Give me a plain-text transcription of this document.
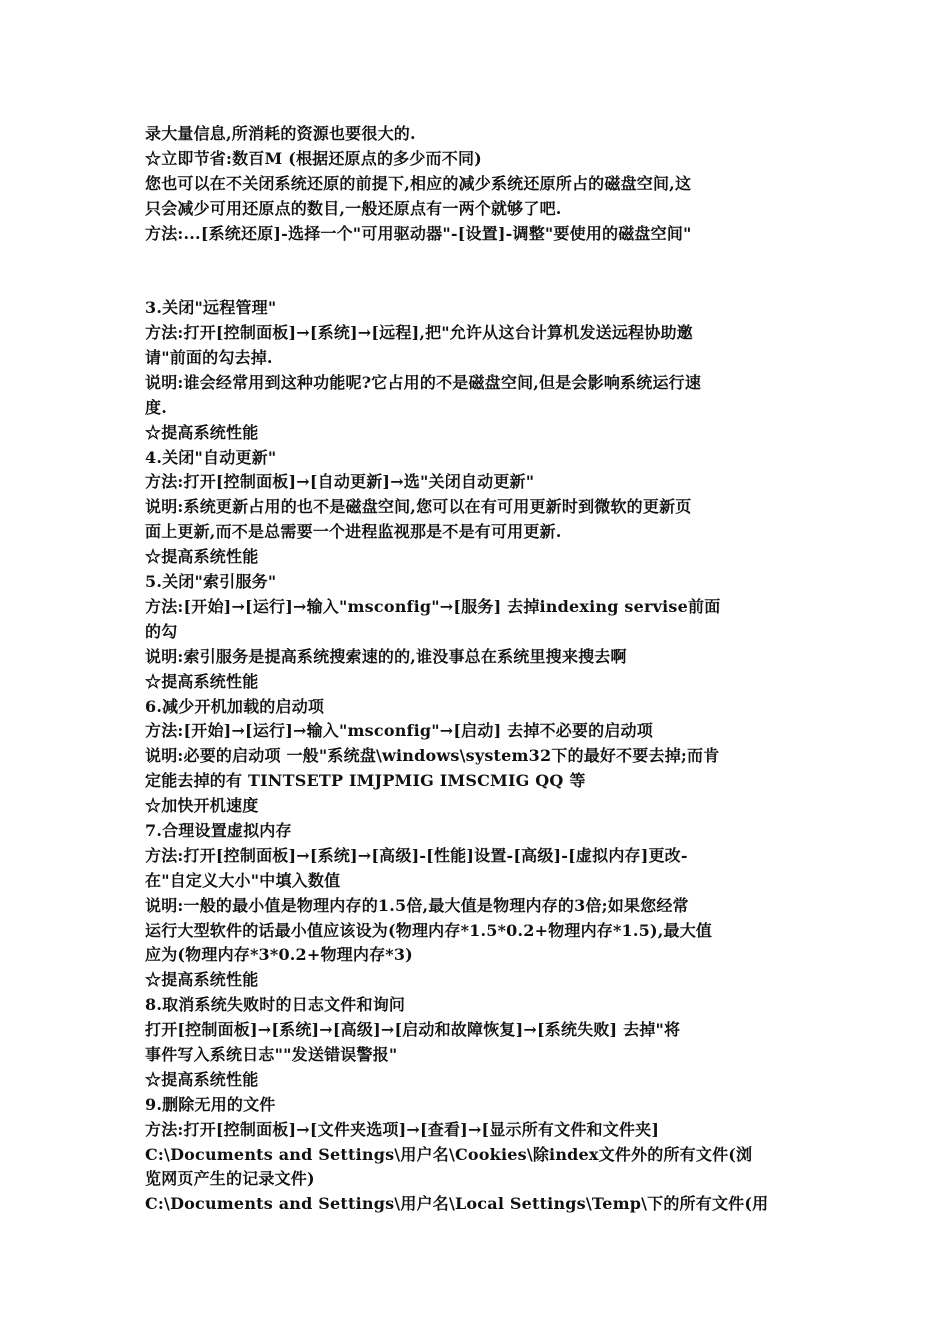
录大量信息,所消耗的资源也要很大的.
☆立即节省:数百M (根据还原点的多少而不同)
您也可以在不关闭系统还原的前提下,相应的减少系统还原所占的磁盘空间,这
只会减少可用还原点的数目,一般还原点有一两个就够了吧.
方法:...[系统还原]-选择一个"可用驱动器"-[设置]-调整"要使用的磁盘空间"
3.关闭"远程管理"
方法:打开[控制面板]→[系统]→[远程],把"允许从这台计算机发送远程协助邀
请"前面的勾去掉.
说明:谁会经常用到这种功能呢?它占用的不是磁盘空间,但是会影响系统运行速
度.
☆提高系统性能
4.关闭"自动更新"
方法:打开[控制面板]→[自动更新]→选"关闭自动更新"
说明:系统更新占用的也不是磁盘空间,您可以在有可用更新时到微软的更新页
面上更新,而不是总需要一个进程监视那是不是有可用更新.
☆提高系统性能
5.关闭"索引服务"
方法:[开始]→[运行]→输入"msconfig"→[服务] 去掉indexing servise前面
的勾
说明:索引服务是提高系统搜索速的的,谁没事总在系统里搜来搜去啊
☆提高系统性能
6.减少开机加载的启动项
方法:[开始]→[运行]→输入"msconfig"→[启动] 去掉不必要的启动项
说明:必要的启动项 一般"系统盘\windows\system32下的最好不要去掉;而肯
定能去掉的有 TINTSETP IMJPMIG IMSCMIG QQ 等
☆加快开机速度
7.合理设置虚拟内存
方法:打开[控制面板]→[系统]→[高级]-[性能]设置-[高级]-[虚拟内存]更改-
在"自定义大小"中填入数值
说明:一般的最小值是物理内存的1.5倍,最大值是物理内存的3倍;如果您经常
运行大型软件的话最小值应该设为(物理内存*1.5*0.2+物理内存*1.5),最大值
应为(物理内存*3*0.2+物理内存*3)
☆提高系统性能
8.取消系统失败时的日志文件和询问
打开[控制面板]→[系统]→[高级]→[启动和故障恢复]→[系统失败] 去掉"将
事件写入系统日志""发送错误警报"
☆提高系统性能
9.删除无用的文件
方法:打开[控制面板]→[文件夹选项]→[查看]→[显示所有文件和文件夹]
C:\Documents and Settings\用户名\Cookies\除index文件外的所有文件(浏
览网页产生的记录文件)
C:\Documents and Settings\用户名\Local Settings\Temp\下的所有文件(用
